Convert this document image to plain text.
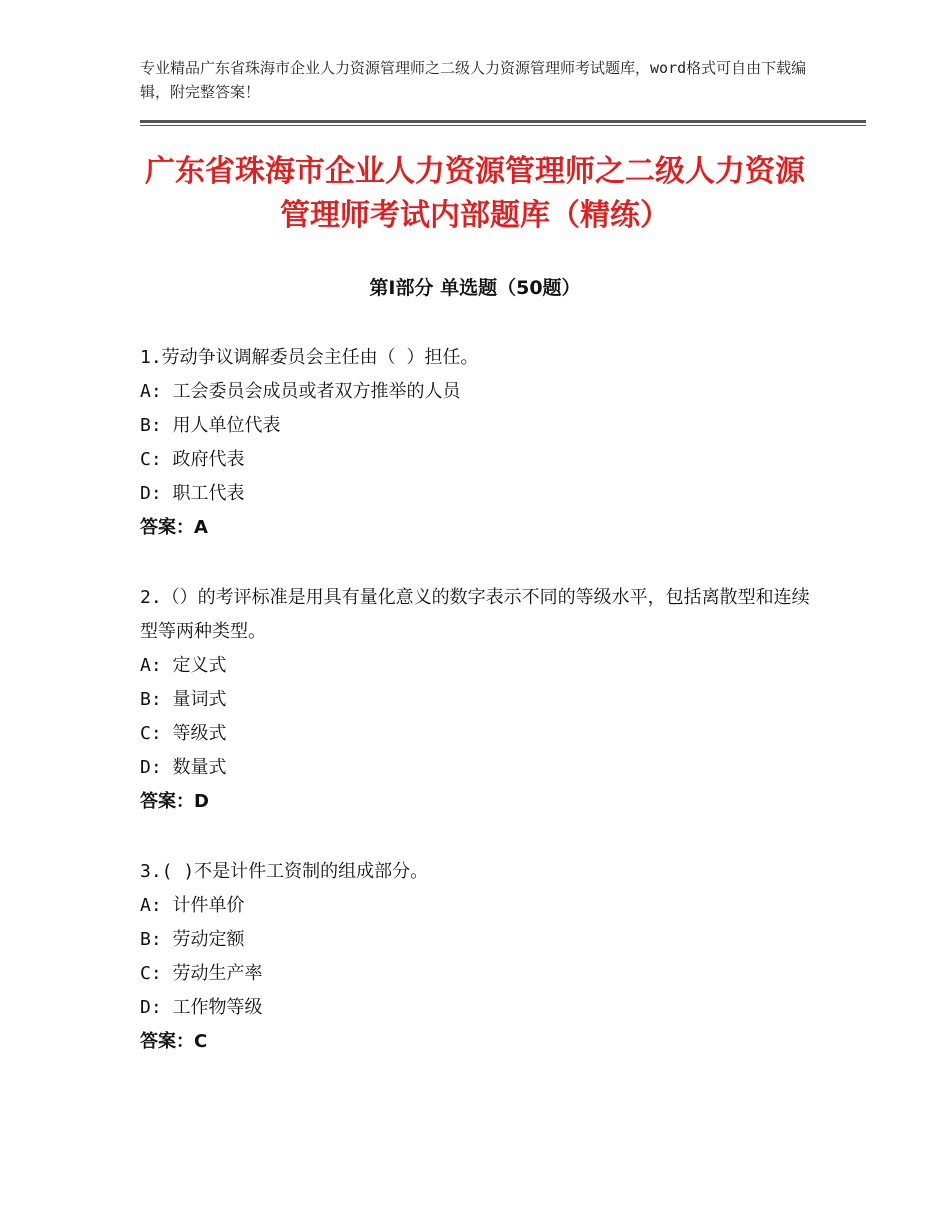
专业精品广东省珠海市企业人力资源管理师之二级人力资源管理师考试题库，word格式可自由下载编辑，附完整答案！
广东省珠海市企业人力资源管理师之二级人力资源管理师考试内部题库（精练）
第Ⅰ部分 单选题（50题）
1.劳动争议调解委员会主任由（ ）担任。
A: 工会委员会成员或者双方推举的人员
B: 用人单位代表
C: 政府代表
D: 职工代表
答案：A
2.（）的考评标准是用具有量化意义的数字表示不同的等级水平，包括离散型和连续型等两种类型。
A: 定义式
B: 量词式
C: 等级式
D: 数量式
答案：D
3.( )不是计件工资制的组成部分。
A: 计件单价
B: 劳动定额
C: 劳动生产率
D: 工作物等级
答案：C
